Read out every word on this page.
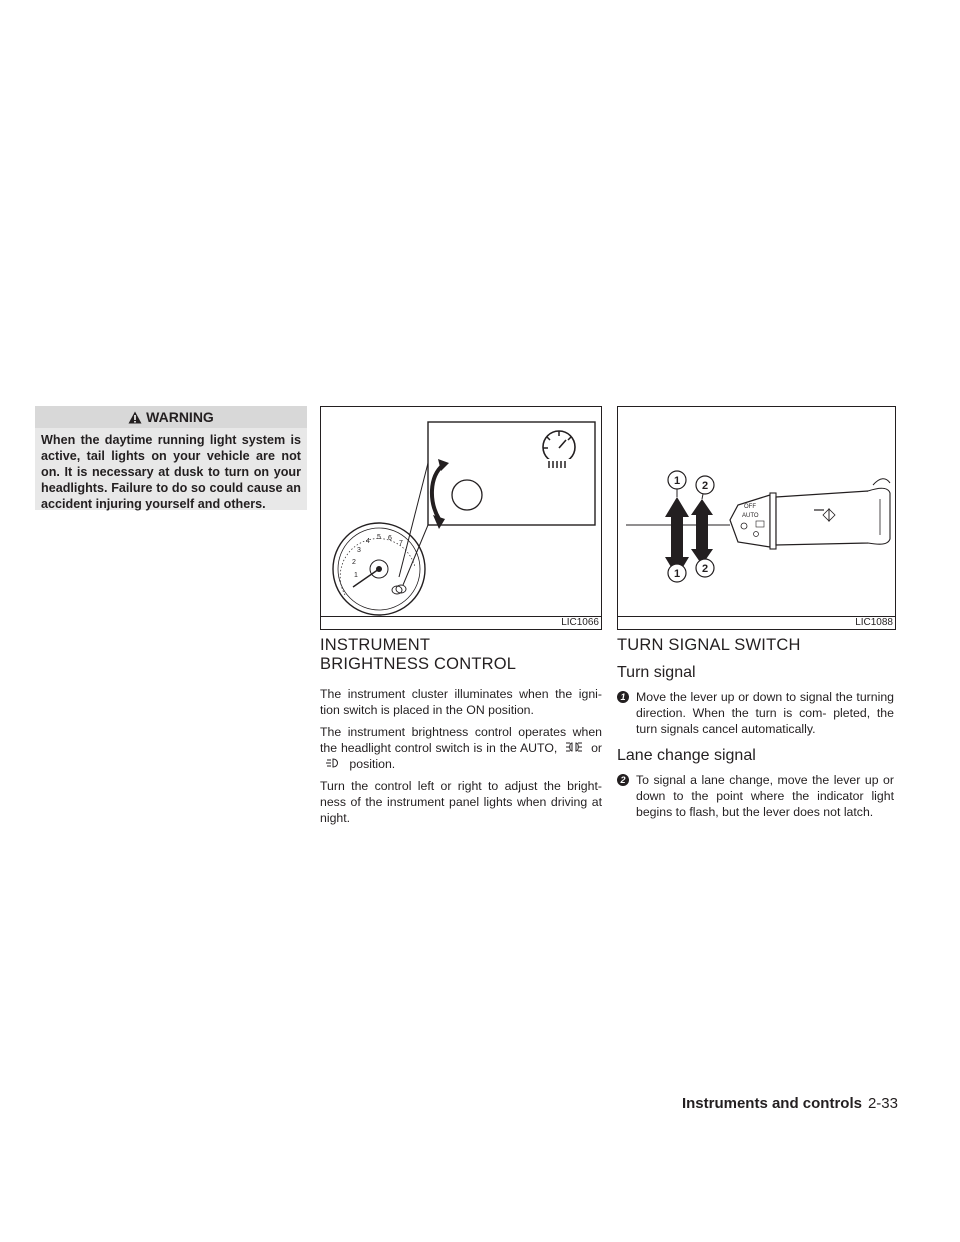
WARNING

When the daytime running light system is active, tail lights on your vehicle are not on. It is necessary at dusk to turn on your headlights. Failure to do so could cause an accident injuring yourself and others.

1
2
3
4
5 6
7
LIC1066
1 2
1 2
OFF
AUTO
LIC1088
INSTRUMENT BRIGHTNESS CONTROL

The instrument cluster illuminates when the igni- tion switch is placed in the ON position.

The instrument brightness control operates when the headlight control switch is in the AUTO,	or  position.

Turn the control left or right to adjust the bright- ness of the instrument panel lights when driving at night.

TURN SIGNAL SWITCH
Turn signal
1 Move the lever up or down to signal the turning direction. When the turn is com- pleted, the turn signals cancel automatically.
Lane change signal
2 To signal a lane change, move the lever up or down to the point where the indicator light begins to flash, but the lever does not latch.
Instruments and controls 2-33
